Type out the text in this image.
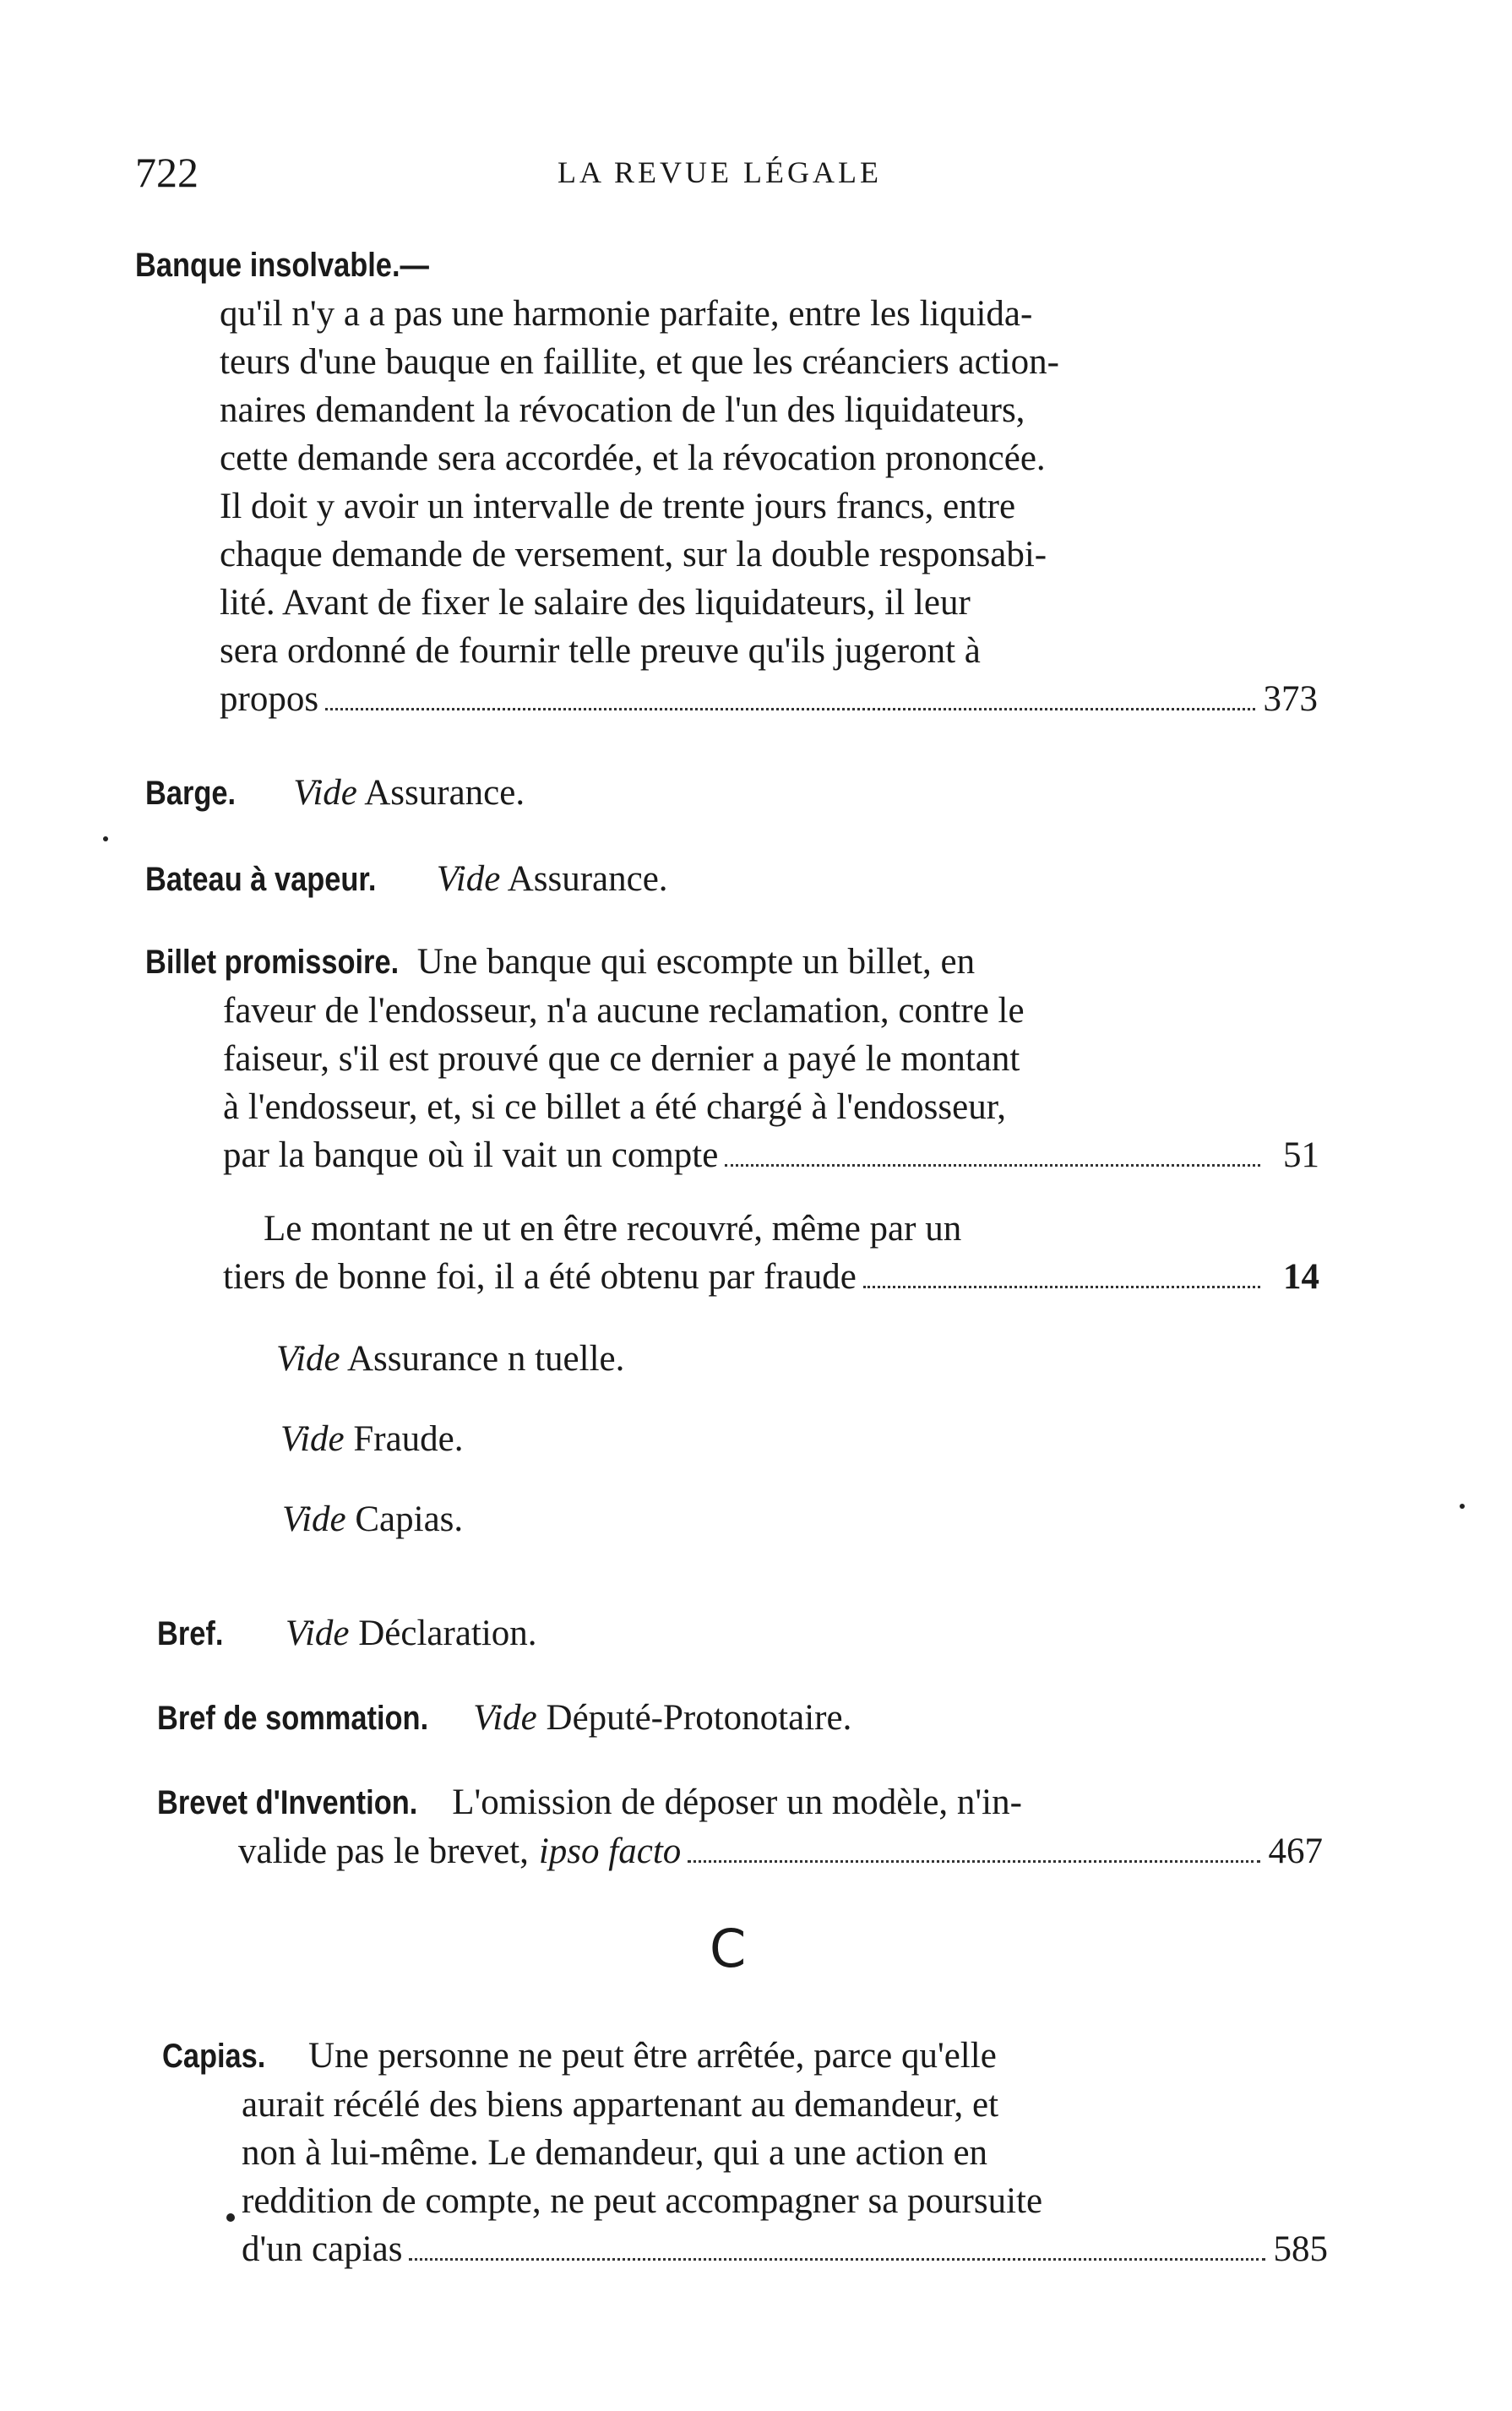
722	LA REVUE LÉGALE
Banque insolvable.—
qu'il n'y a a pas une harmonie parfaite, entre les liquida-
teurs d'une bauque en faillite, et que les créanciers action-
naires demandent la révocation de l'un des liquidateurs,
cette demande sera accordée, et la révocation prononcée.
Il doit y avoir un intervalle de trente jours francs, entre
chaque demande de versement, sur la double responsabi-
lité. Avant de fixer le salaire des liquidateurs, il leur
sera ordonné de fournir telle preuve qu'ils jugeront à
propos	373
Barge. Vide Assurance.
Bateau à vapeur. Vide Assurance.
Billet promissoire. Une banque qui escompte un billet, en
faveur de l'endosseur, n'a aucune reclamation, contre le
faiseur, s'il est prouvé que ce dernier a payé le montant
à l'endosseur, et, si ce billet a été chargé à l'endosseur,
par la banque où il vait un compte	51
Le montant ne ut en être recouvré, même par un
tiers de bonne foi, il a été obtenu par fraude	14
Vide Assurance n tuelle.
Vide Fraude.
Vide Capias.
Bref. Vide Déclaration.
Bref de sommation. Vide Député-Protonotaire.
Brevet d'Invention. L'omission de déposer un modèle, n'in-
valide pas le brevet, ipso facto	467
C
Capias. Une personne ne peut être arrêtée, parce qu'elle
aurait récélé des biens appartenant au demandeur, et
non à lui-même. Le demandeur, qui a une action en
reddition de compte, ne peut accompagner sa poursuite
d'un capias	585
